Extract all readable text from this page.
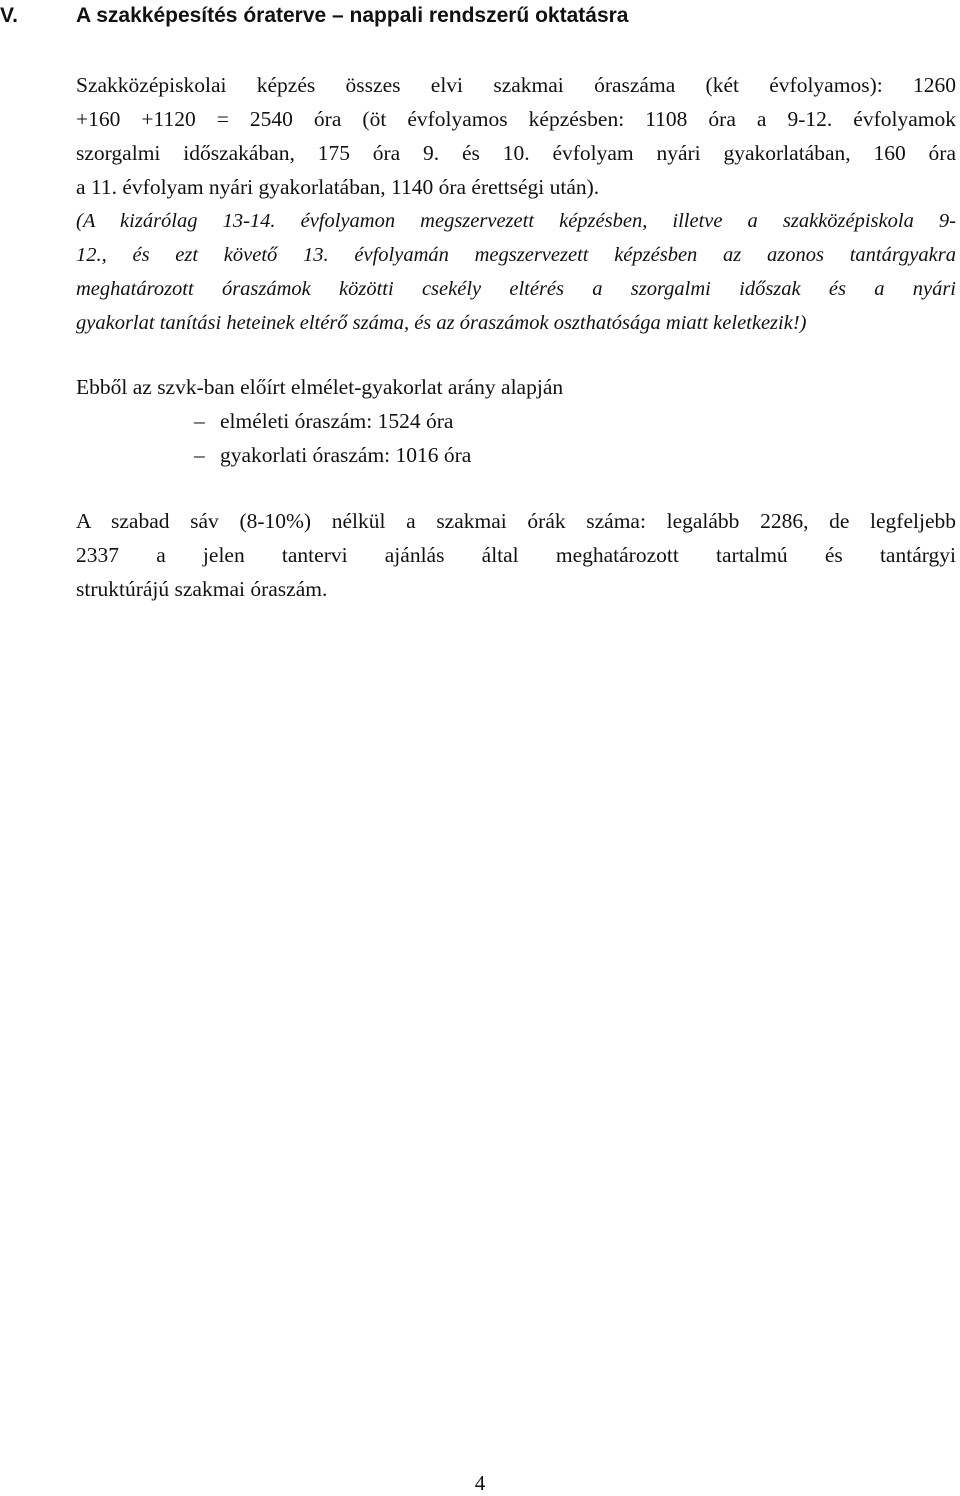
V.	A szakképesítés óraterve – nappali rendszerű oktatásra
Szakközépiskolai képzés összes elvi szakmai óraszáma (két évfolyamos): 1260
+160 +1120 = 2540 óra (öt évfolyamos képzésben: 1108 óra a 9-12. évfolyamok
szorgalmi időszakában, 175 óra 9. és 10. évfolyam nyári gyakorlatában, 160 óra
a 11. évfolyam nyári gyakorlatában, 1140 óra érettségi után).
(A kizárólag 13-14. évfolyamon megszervezett képzésben, illetve a szakközépiskola 9-
12., és ezt követő 13. évfolyamán megszervezett képzésben az azonos tantárgyakra
meghatározott óraszámok közötti csekély eltérés a szorgalmi időszak és a nyári
gyakorlat tanítási heteinek eltérő száma, és az óraszámok oszthatósága miatt keletkezik!)
Ebből az szvk-ban előírt elmélet-gyakorlat arány alapján
– elméleti óraszám: 1524 óra
– gyakorlati óraszám: 1016 óra
A szabad sáv (8-10%) nélkül a szakmai órák száma: legalább 2286, de legfeljebb
2337 a jelen tantervi ajánlás által meghatározott tartalmú és tantárgyi
struktúrájú szakmai óraszám.
4
